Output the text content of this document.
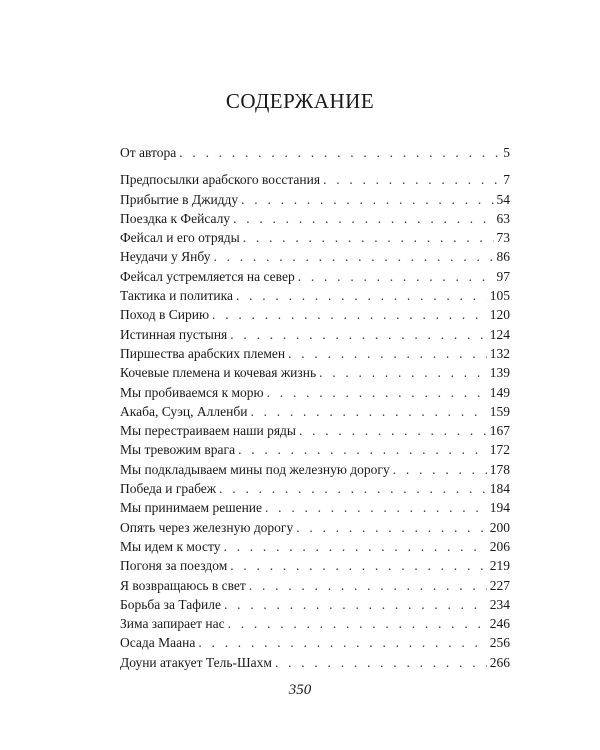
СОДЕРЖАНИЕ
От автора . . .	5
Предпосылки арабского восстания . . .	7
Прибытие в Джидду . . .	54
Поездка к Фейсалу . . .	63
Фейсал и его отряды . . .	73
Неудачи у Янбу . . .	86
Фейсал устремляется на север . . .	97
Тактика и политика . . .	105
Поход в Сирию . . .	120
Истинная пустыня . . .	124
Пиршества арабских племен . . .	132
Кочевые племена и кочевая жизнь . . .	139
Мы пробиваемся к морю . . .	149
Акаба, Суэц, Алленби . . .	159
Мы перестраиваем наши ряды . . .	167
Мы тревожим врага . . .	172
Мы подкладываем мины под железную дорогу . . .	178
Победа и грабеж . . .	184
Мы принимаем решение . . .	194
Опять через железную дорогу . . .	200
Мы идем к мосту . . .	206
Погоня за поездом . . .	219
Я возвращаюсь в свет . . .	227
Борьба за Тафиле . . .	234
Зима запирает нас . . .	246
Осада Маана . . .	256
Доуни атакует Тель-Шахм . . .	266
350
